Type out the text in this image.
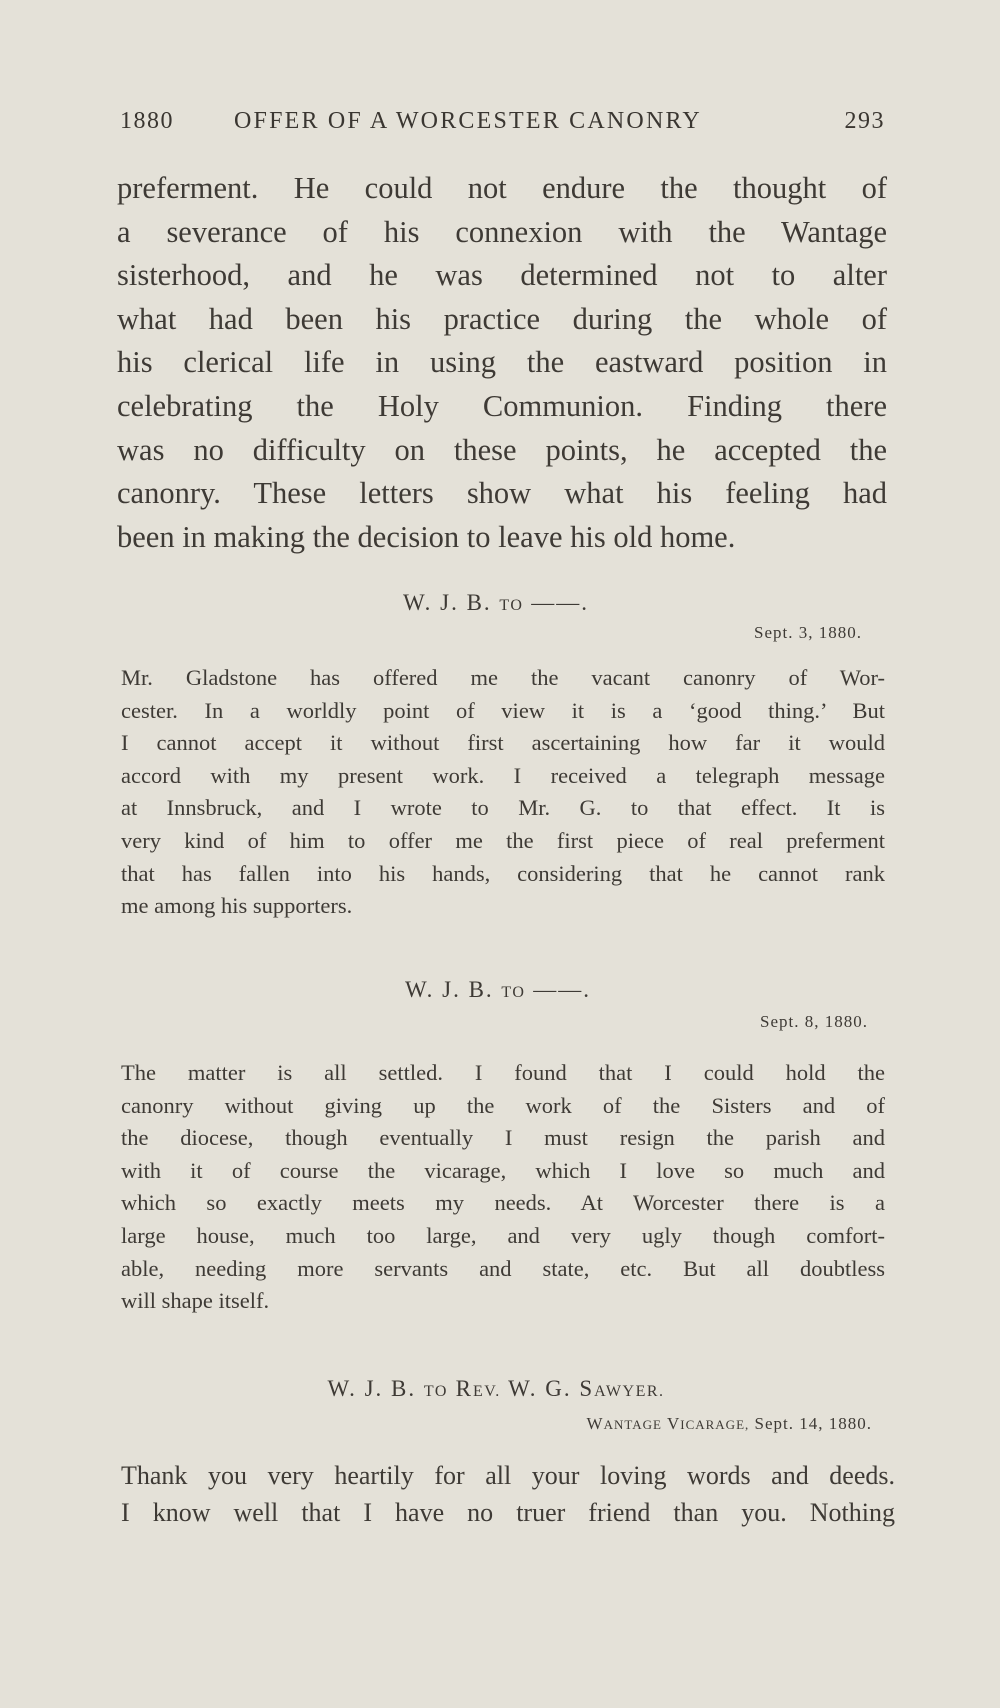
1880	OFFER OF A WORCESTER CANONRY	293
preferment. He could not endure the thought of
a severance of his connexion with the Wantage
sisterhood, and he was determined not to alter
what had been his practice during the whole of
his clerical life in using the eastward position in
celebrating the Holy Communion. Finding there
was no difficulty on these points, he accepted the
canonry. These letters show what his feeling had
been in making the decision to leave his old home.
W. J. B. TO ——.
Sept. 3, 1880.
Mr. Gladstone has offered me the vacant canonry of Wor-
cester. In a worldly point of view it is a ‘good thing.’ But
I cannot accept it without first ascertaining how far it would
accord with my present work. I received a telegraph message
at Innsbruck, and I wrote to Mr. G. to that effect. It is
very kind of him to offer me the first piece of real preferment
that has fallen into his hands, considering that he cannot rank
me among his supporters.
W. J. B. TO ——.
Sept. 8, 1880.
The matter is all settled. I found that I could hold the
canonry without giving up the work of the Sisters and of
the diocese, though eventually I must resign the parish and
with it of course the vicarage, which I love so much and
which so exactly meets my needs. At Worcester there is a
large house, much too large, and very ugly though comfort-
able, needing more servants and state, etc. But all doubtless
will shape itself.
W. J. B. TO REV. W. G. SAWYER.
WANTAGE VICARAGE, Sept. 14, 1880.
Thank you very heartily for all your loving words and deeds.
I know well that I have no truer friend than you. Nothing
